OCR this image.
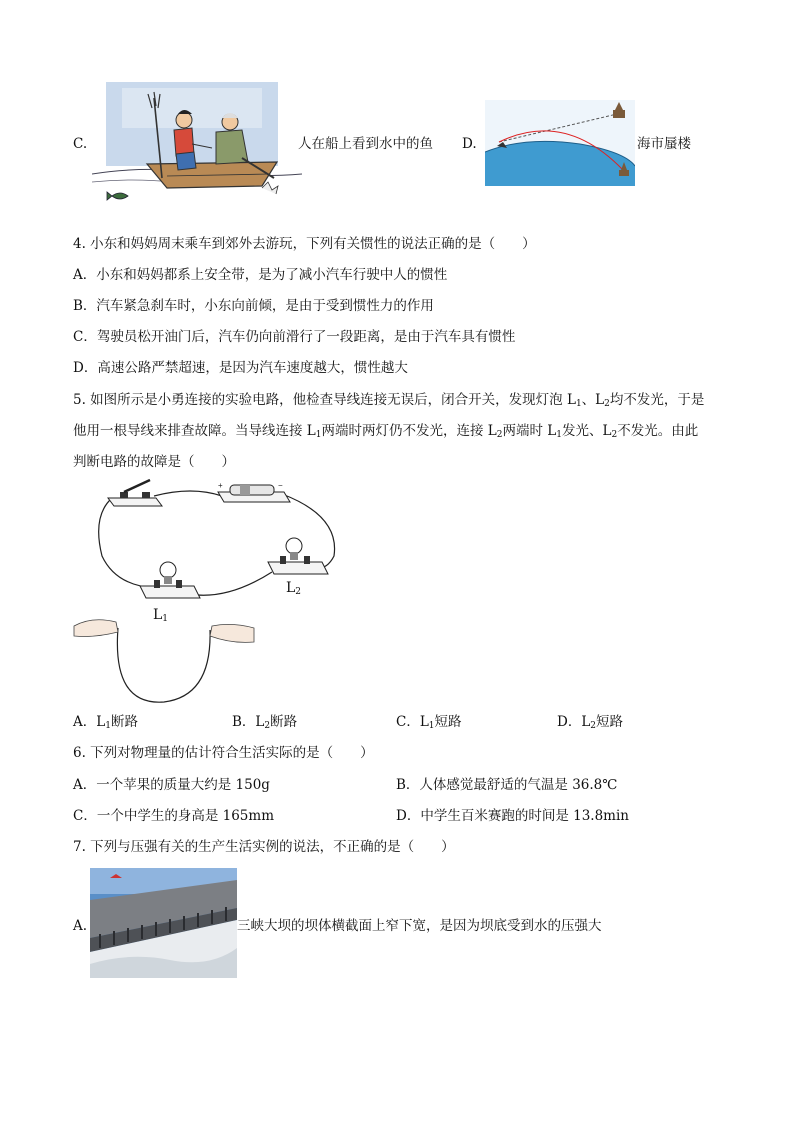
C.	人在船上看到水中的鱼 D.	海市蜃楼
4. 小东和妈妈周末乘车到郊外去游玩，下列有关惯性的说法正确的是（　　）
A．小东和妈妈都系上安全带，是为了减小汽车行驶中人的惯性
B．汽车紧急刹车时，小东向前倾，是由于受到惯性力的作用
C．驾驶员松开油门后，汽车仍向前滑行了一段距离，是由于汽车具有惯性
D．高速公路严禁超速，是因为汽车速度越大，惯性越大
5. 如图所示是小勇连接的实验电路，他检查导线连接无误后，闭合开关，发现灯泡 $L_1$、$L_2$均不发光，于是
他用一根导线来排查故障。当导线连接 $L_1$两端时两灯仍不发光，连接 $L_2$两端时 $L_1$发光、$L_2$不发光。由此
判断电路的故障是（　　）
+	−
$L_1$
$L_2$
A．$L_1$断路	B．$L_2$断路	C．$L_1$短路	D．$L_2$短路
6. 下列对物理量的估计符合生活实际的是（　　）
A．一个苹果的质量大约是 150g	B．人体感觉最舒适的气温是 36.8℃
C．一个中学生的身高是 165mm	D．中学生百米赛跑的时间是 13.8min
7. 下列与压强有关的生产生活实例的说法，不正确的是（　　）
A.	三峡大坝的坝体横截面上窄下宽，是因为坝底受到水的压强大
